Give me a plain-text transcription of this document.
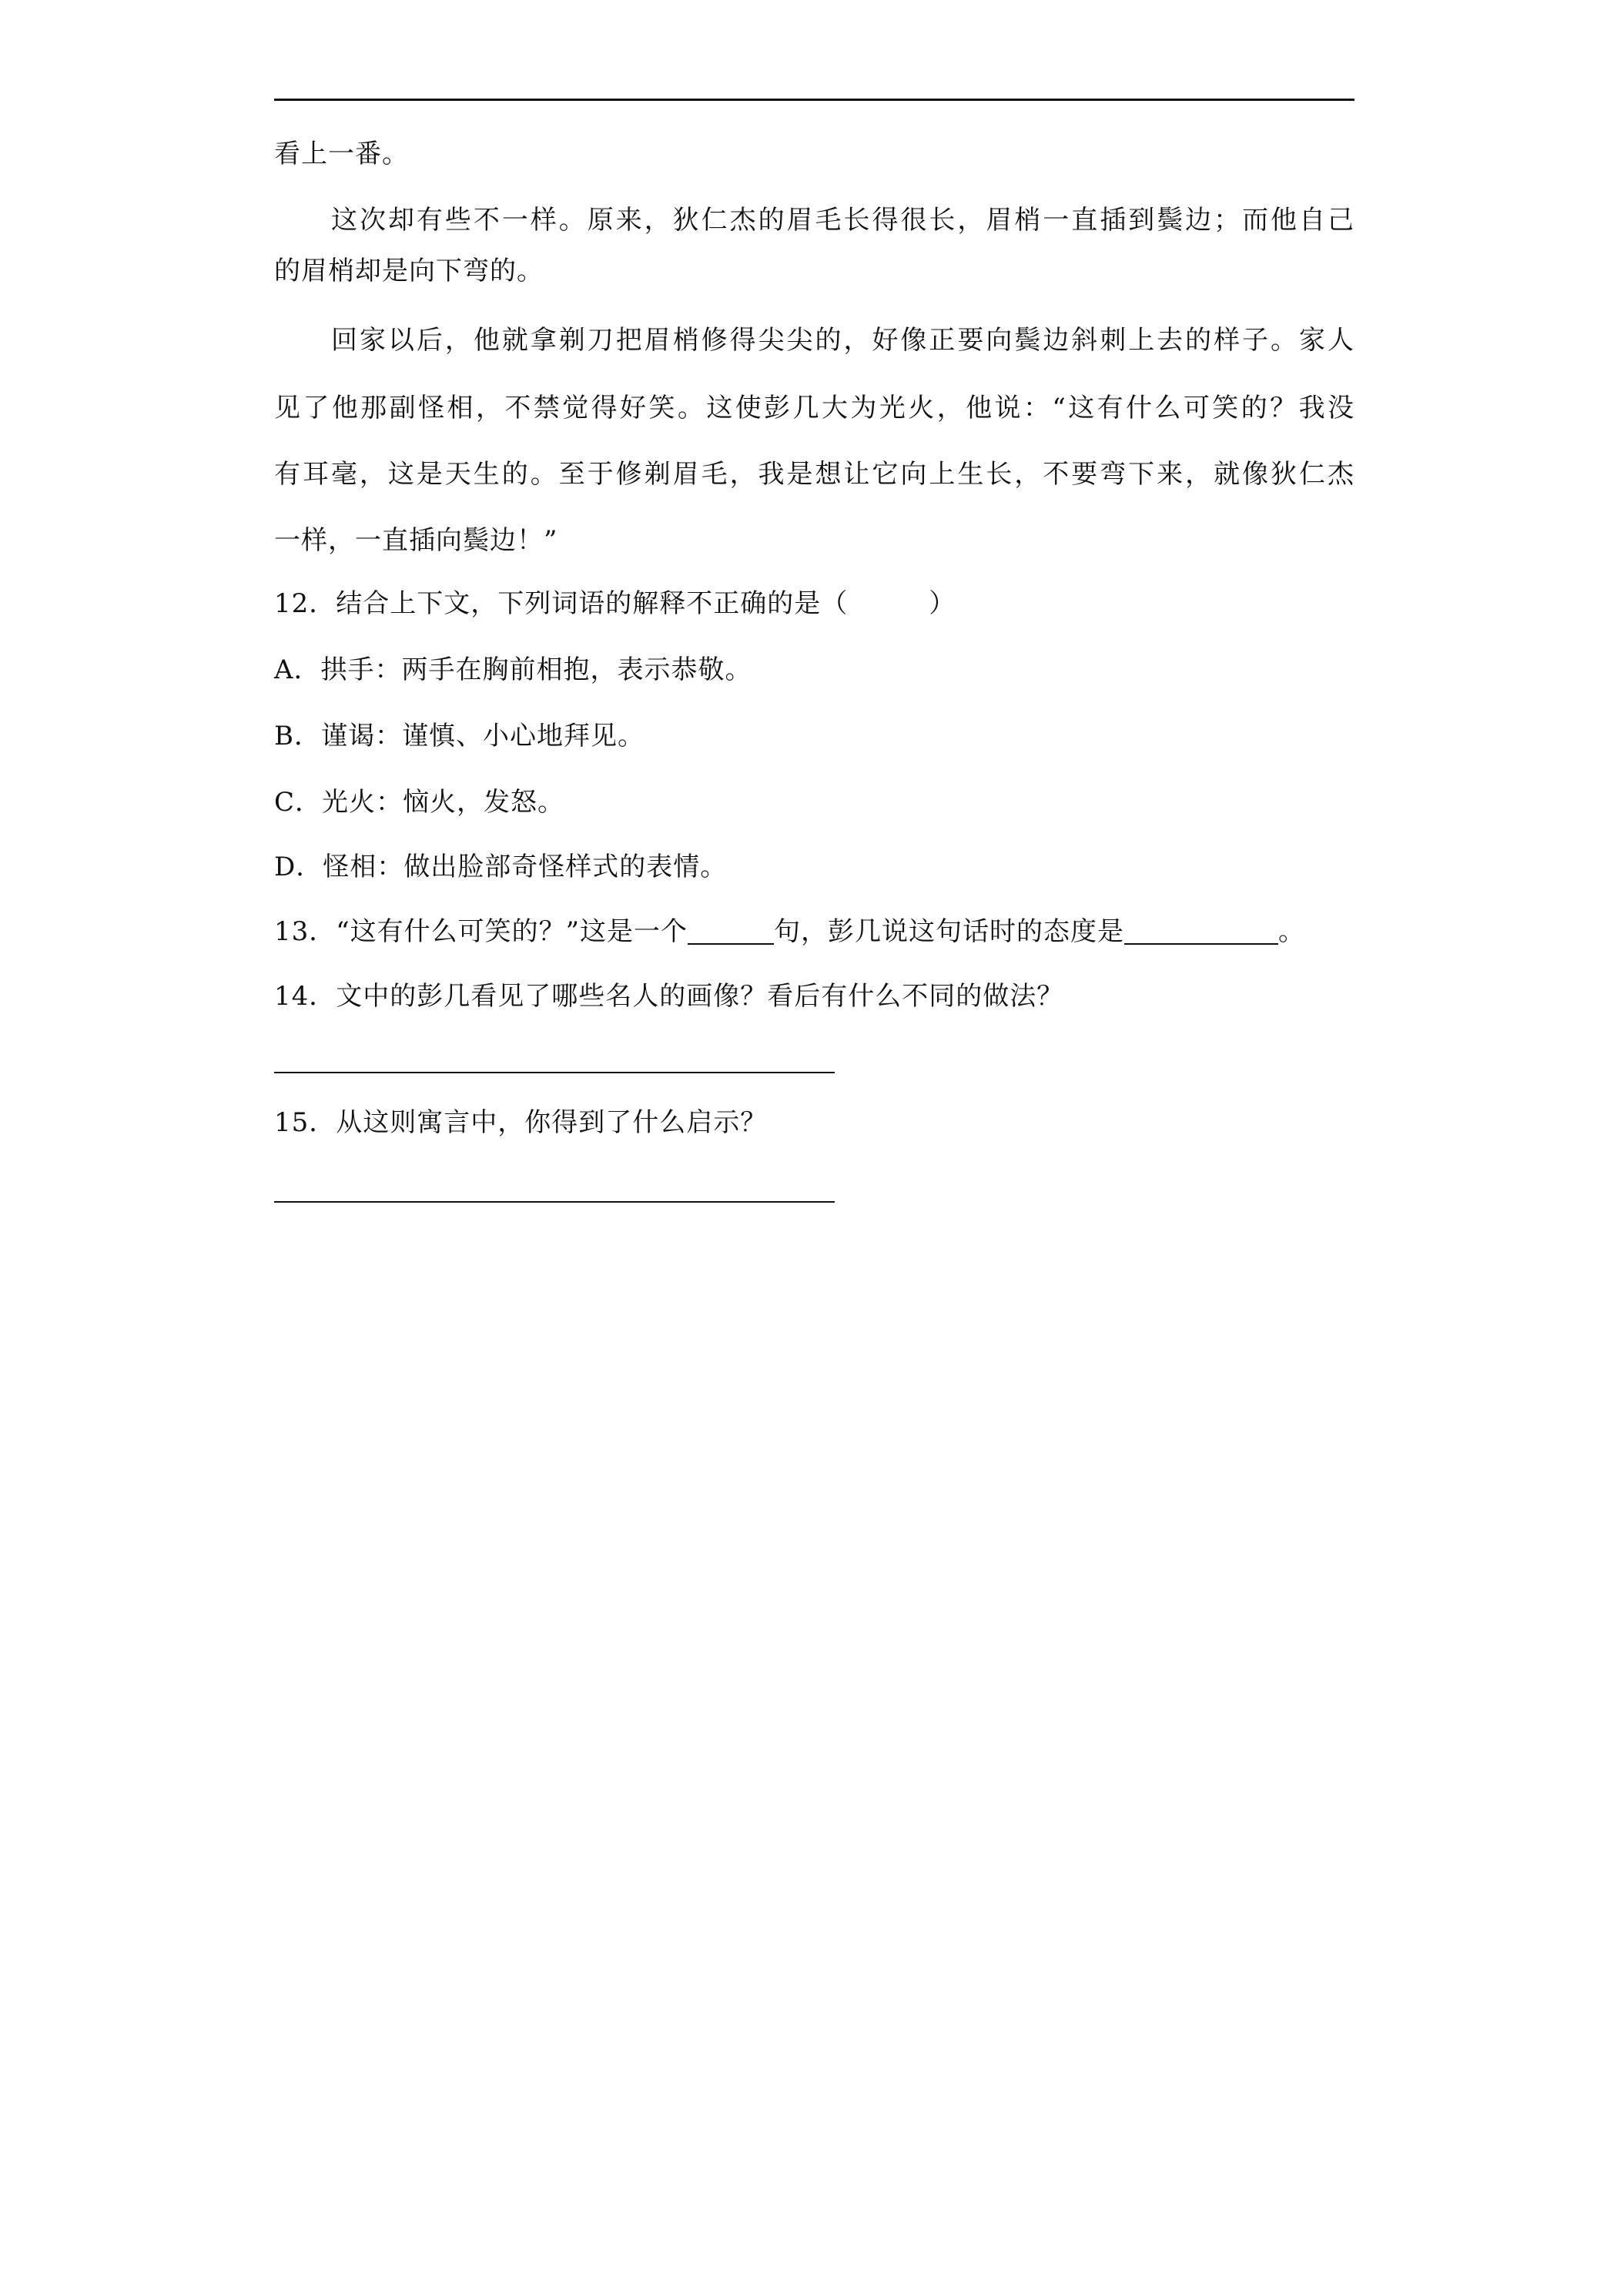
看上一番。
这次却有些不一样。原来，狄仁杰的眉毛长得很长，眉梢一直插到鬓边；而他自己
的眉梢却是向下弯的。
回家以后，他就拿剃刀把眉梢修得尖尖的，好像正要向鬓边斜刺上去的样子。家人
见了他那副怪相，不禁觉得好笑。这使彭几大为光火，他说：“这有什么可笑的？我没
有耳毫，这是天生的。至于修剃眉毛，我是想让它向上生长，不要弯下来，就像狄仁杰
一样，一直插向鬓边！”
12．结合上下文，下列词语的解释不正确的是（　　　）
A．拱手：两手在胸前相抱，表示恭敬。
B．谨谒：谨慎、小心地拜见。
C．光火：恼火，发怒。
D．怪相：做出脸部奇怪样式的表情。
13．“这有什么可笑的？”这是一个	句，彭几说这句话时的态度是	。
14．文中的彭几看见了哪些名人的画像？看后有什么不同的做法？
15．从这则寓言中，你得到了什么启示？
